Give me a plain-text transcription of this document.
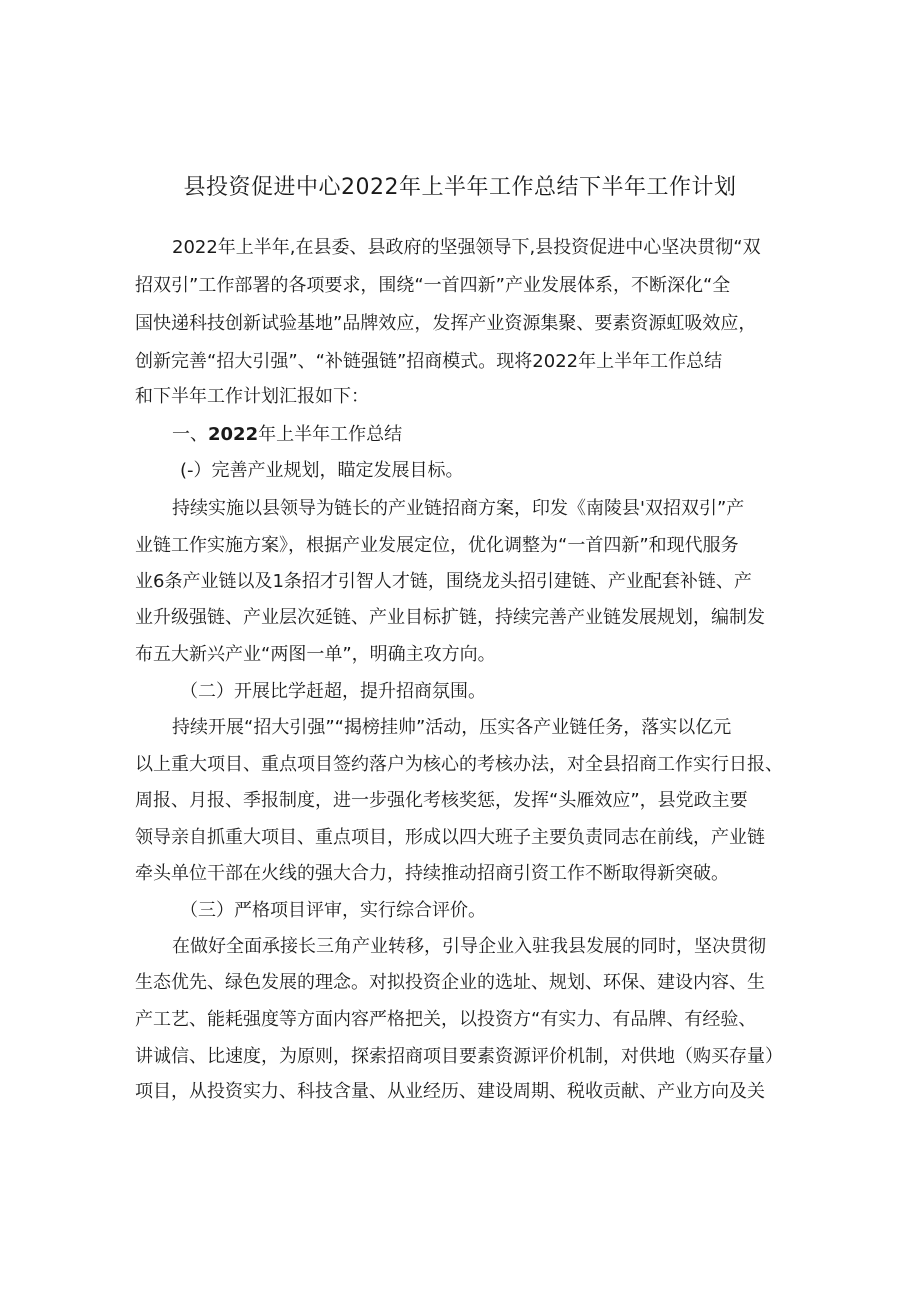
县投资促进中心2022年上半年工作总结下半年工作计划
2022年上半年,在县委、县政府的坚强领导下,县投资促进中心坚决贯彻“双
招双引”工作部署的各项要求，围绕“一首四新”产业发展体系，不断深化“全
国快递科技创新试验基地”品牌效应，发挥产业资源集聚、要素资源虹吸效应，
创新完善“招大引强”、“补链强链”招商模式。现将2022年上半年工作总结
和下半年工作计划汇报如下：
一、2022年上半年工作总结
(-）完善产业规划，瞄定发展目标。
持续实施以县领导为链长的产业链招商方案，印发《南陵县'双招双引”产
业链工作实施方案》，根据产业发展定位，优化调整为“一首四新”和现代服务
业6条产业链以及1条招才引智人才链，围绕龙头招引建链、产业配套补链、产
业升级强链、产业层次延链、产业目标扩链，持续完善产业链发展规划，编制发
布五大新兴产业“两图一单”，明确主攻方向。
（二）开展比学赶超，提升招商氛围。
持续开展“招大引强”“揭榜挂帅”活动，压实各产业链任务，落实以亿元
以上重大项目、重点项目签约落户为核心的考核办法，对全县招商工作实行日报、
周报、月报、季报制度，进一步强化考核奖惩，发挥“头雁效应”，县党政主要
领导亲自抓重大项目、重点项目，形成以四大班子主要负责同志在前线，产业链
牵头单位干部在火线的强大合力，持续推动招商引资工作不断取得新突破。
（三）严格项目评审，实行综合评价。
在做好全面承接长三角产业转移，引导企业入驻我县发展的同时，坚决贯彻
生态优先、绿色发展的理念。对拟投资企业的选址、规划、环保、建设内容、生
产工艺、能耗强度等方面内容严格把关，以投资方“有实力、有品牌、有经验、
讲诚信、比速度，为原则，探索招商项目要素资源评价机制，对供地（购买存量）
项目，从投资实力、科技含量、从业经历、建设周期、税收贡献、产业方向及关
